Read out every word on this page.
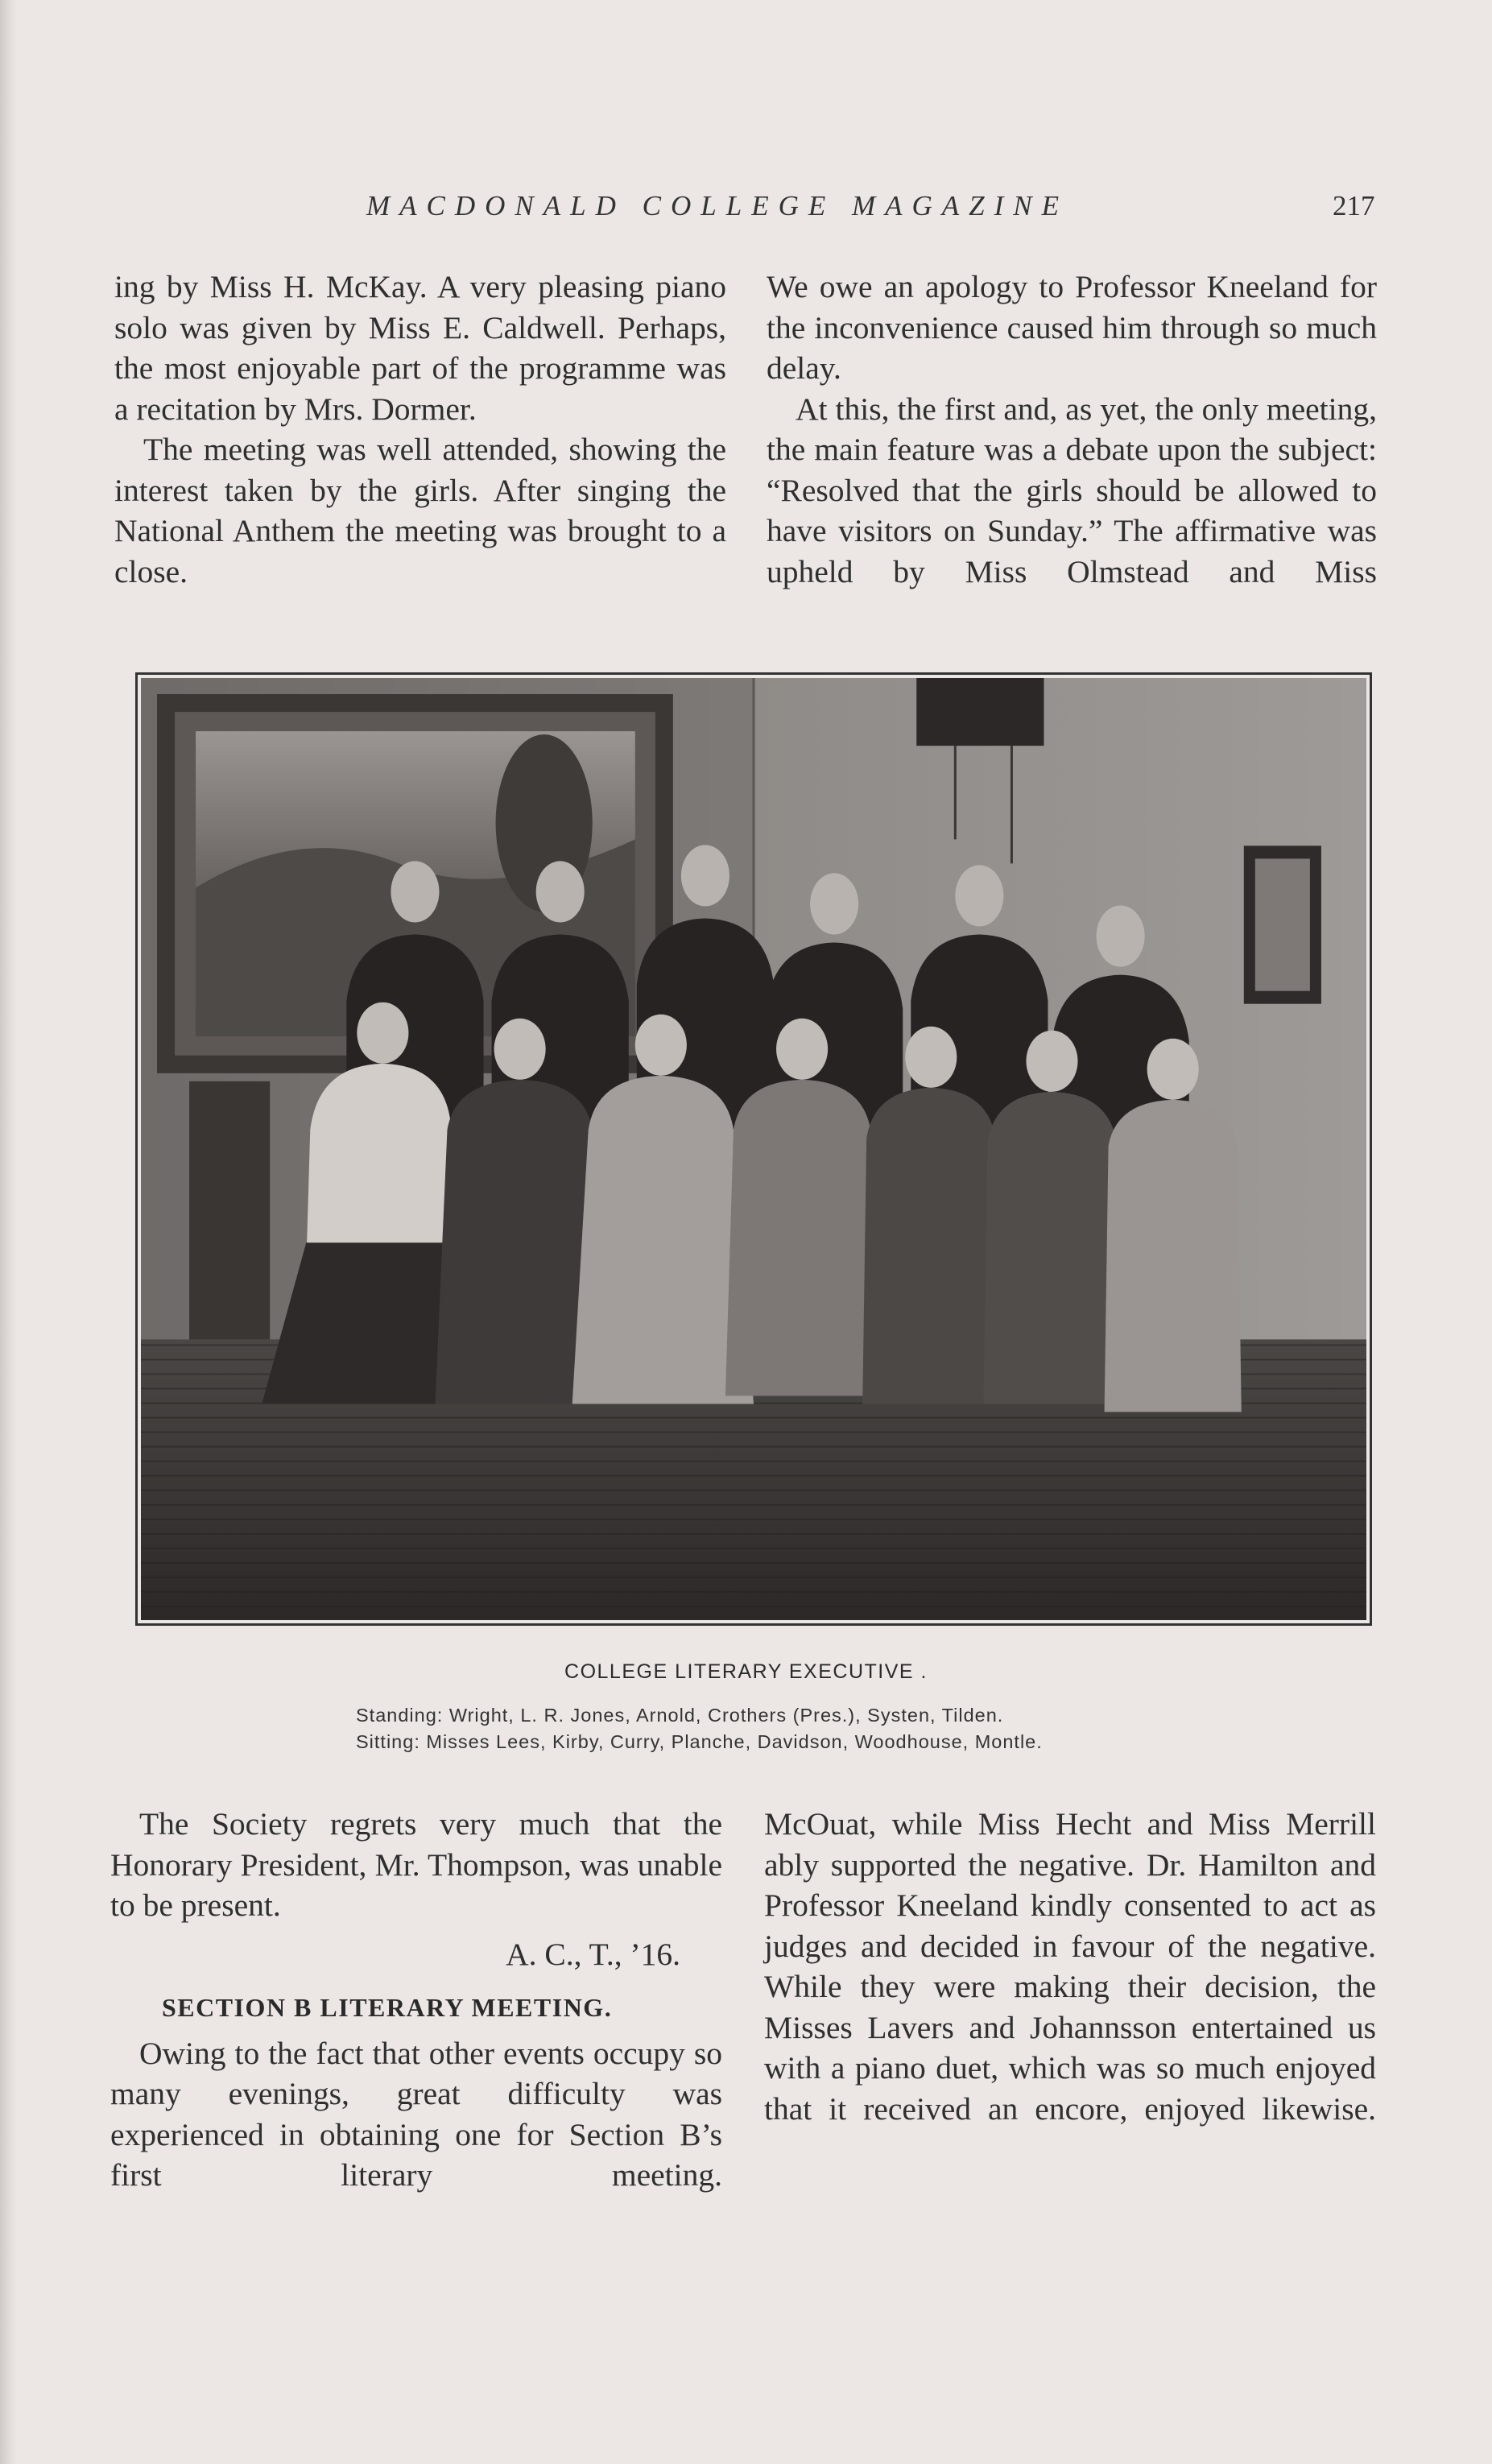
MACDONALD COLLEGE MAGAZINE	217

ing by Miss H. McKay. A very pleasing piano solo was given by Miss E. Caldwell. Perhaps, the most enjoyable part of the programme was a recitation by Mrs. Dormer.

The meeting was well attended, showing the interest taken by the girls. After singing the National Anthem the meeting was brought to a close.

We owe an apology to Professor Kneeland for the inconvenience caused him through so much delay.

At this, the first and, as yet, the only meeting, the main feature was a debate upon the subject: “Resolved that the girls should be allowed to have visitors on Sunday.” The affirmative was upheld by Miss Olmstead and Miss

COLLEGE LITERARY EXECUTIVE .
Standing: Wright, L. R. Jones, Arnold, Crothers (Pres.), Systen, Tilden.
Sitting: Misses Lees, Kirby, Curry, Planche, Davidson, Woodhouse, Montle.

The Society regrets very much that the Honorary President, Mr. Thompson, was unable to be present.

A. C., T., ’16.

SECTION B LITERARY MEETING.

Owing to the fact that other events occupy so many evenings, great difficulty was experienced in obtaining one for Section B’s first literary meeting.

McOuat, while Miss Hecht and Miss Merrill ably supported the negative. Dr. Hamilton and Professor Kneeland kindly consented to act as judges and decided in favour of the negative. While they were making their decision, the Misses Lavers and Johannsson entertained us with a piano duet, which was so much enjoyed that it received an encore, enjoyed likewise.
